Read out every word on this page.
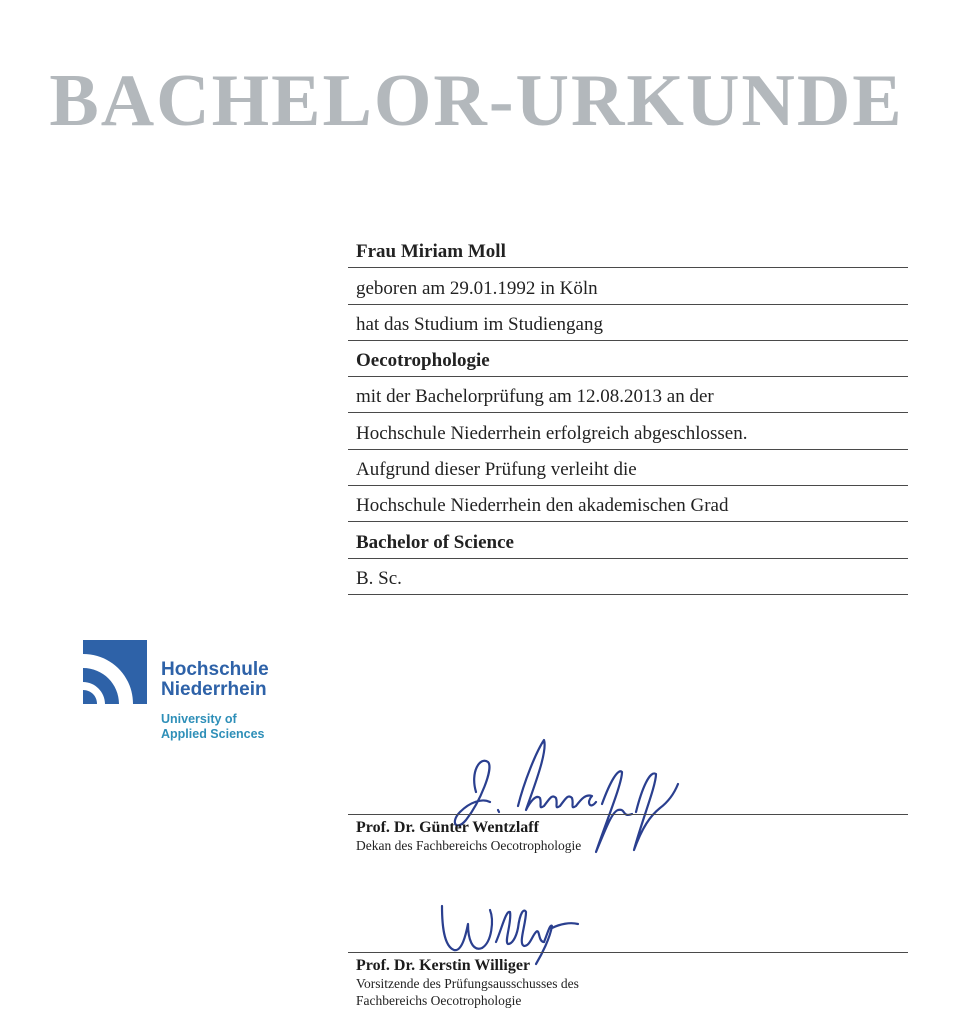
BACHELOR-URKUNDE
Frau Miriam Moll
geboren am 29.01.1992 in Köln
hat das Studium im Studiengang
Oecotrophologie
mit der Bachelorprüfung am 12.08.2013 an der
Hochschule Niederrhein erfolgreich abgeschlossen.
Aufgrund dieser Prüfung verleiht die
Hochschule Niederrhein den akademischen Grad
Bachelor of Science
B. Sc.
Hochschule
Niederrhein
University of
Applied Sciences
Prof. Dr. Günter Wentzlaff
Dekan des Fachbereichs Oecotrophologie
Prof. Dr. Kerstin Williger
Vorsitzende des Prüfungsausschusses des
Fachbereichs Oecotrophologie
